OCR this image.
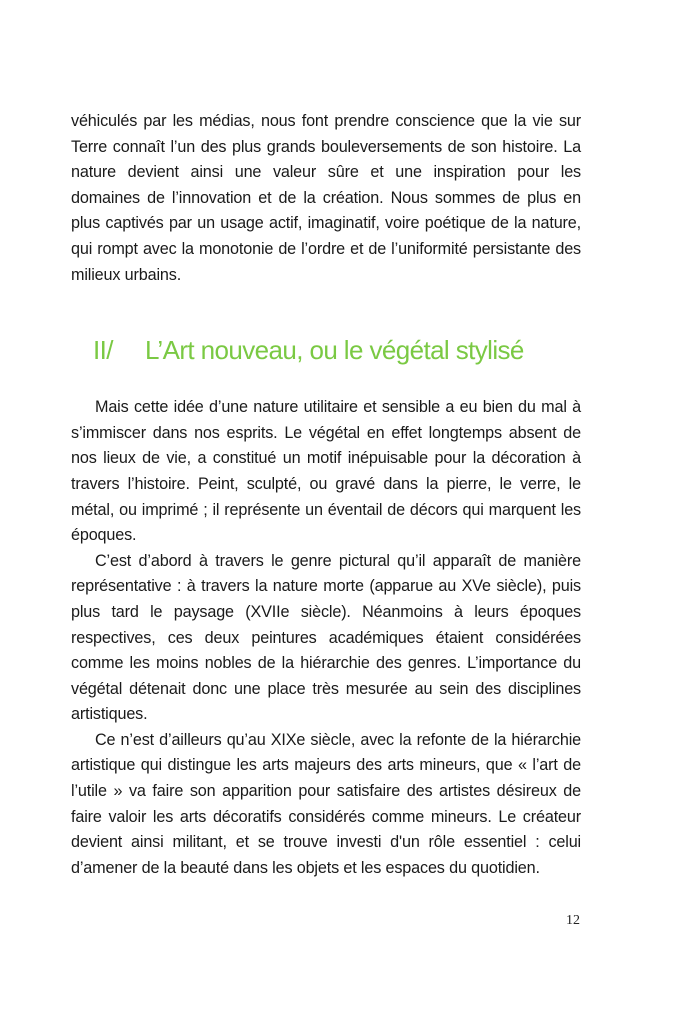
véhiculés par les médias, nous font prendre conscience que la vie sur Terre connaît l’un des plus grands bouleversements de son histoire. La nature devient ainsi une valeur sûre et une inspiration pour les domaines de l’innovation et de la création. Nous sommes de plus en plus captivés par un usage actif, imaginatif, voire poétique de la nature, qui rompt avec la monotonie de l’ordre et de l’uniformité persistante des milieux urbains.

II/	L’Art nouveau, ou le végétal stylisé

Mais cette idée d’une nature utilitaire et sensible a eu bien du mal à s’immiscer dans nos esprits. Le végétal en effet longtemps absent de nos lieux de vie, a constitué un motif inépuisable pour la décoration à travers l’histoire. Peint, sculpté, ou gravé dans la pierre, le verre, le métal, ou imprimé ; il représente un éventail de décors qui marquent les époques.

C’est d’abord à travers le genre pictural qu’il apparaît de manière représentative : à travers la nature morte (apparue au XVe siècle), puis plus tard le paysage (XVIIe siècle). Néanmoins à leurs époques respectives, ces deux peintures académiques étaient considérées comme les moins nobles de la hiérarchie des genres. L’importance du végétal détenait donc une place très mesurée au sein des disciplines artistiques.

Ce n’est d’ailleurs qu’au XIXe siècle, avec la refonte de la hiérarchie artistique qui distingue les arts majeurs des arts mineurs, que « l’art de l’utile » va faire son apparition pour satisfaire des artistes désireux de faire valoir les arts décoratifs considérés comme mineurs. Le créateur devient ainsi militant, et se trouve investi d'un rôle essentiel : celui d’amener de la beauté dans les objets et les espaces du quotidien.

12
